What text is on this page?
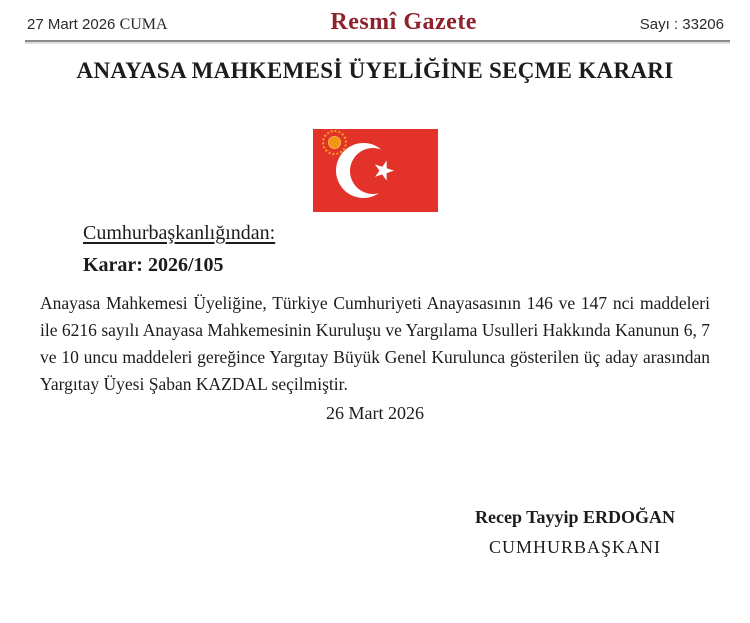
27 Mart 2026 CUMA	Resmî Gazete	Sayı : 33206
ANAYASA MAHKEMESİ ÜYELİĞİNE SEÇME KARARI

Cumhurbaşkanlığından:

Karar: 2026/105

Anayasa Mahkemesi Üyeliğine, Türkiye Cumhuriyeti Anayasasının 146 ve 147 nci maddeleri ile 6216 sayılı Anayasa Mahkemesinin Kuruluşu ve Yargılama Usulleri Hakkında Kanunun 6, 7 ve 10 uncu maddeleri gereğince Yargıtay Büyük Genel Kurulunca gösterilen üç aday arasından Yargıtay Üyesi Şaban KAZDAL seçilmiştir.

26 Mart 2026

Recep Tayyip ERDOĞAN

CUMHURBAŞKANI
